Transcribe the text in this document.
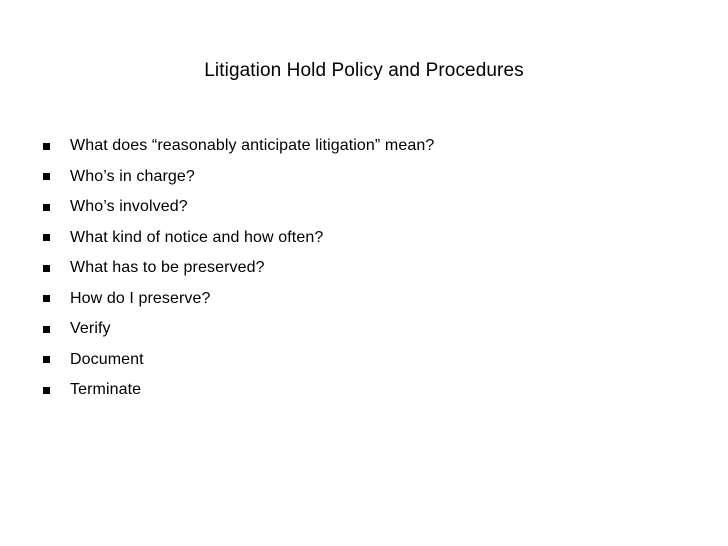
Litigation Hold Policy and Procedures
What does “reasonably anticipate litigation” mean?
Who’s in charge?
Who’s involved?
What kind of notice and how often?
What has to be preserved?
How do I preserve?
Verify
Document
Terminate
